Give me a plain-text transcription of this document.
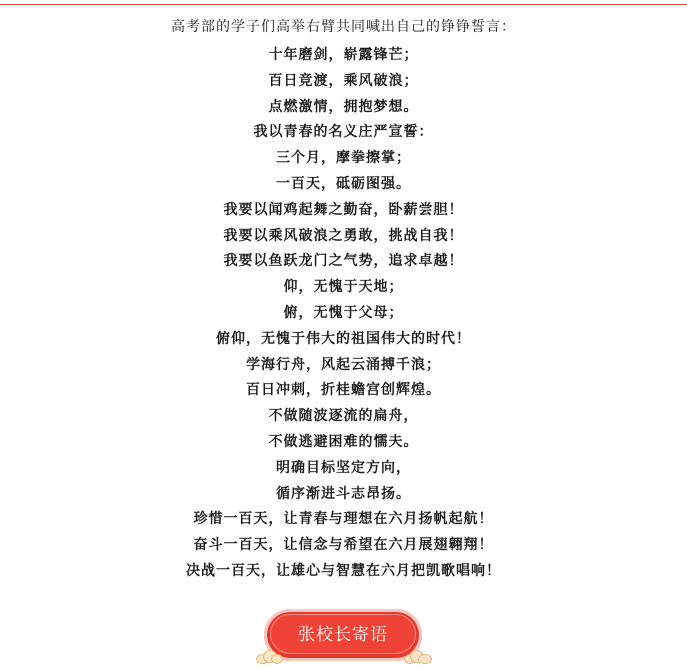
高考部的学子们高举右臂共同喊出自己的铮铮誓言：
十年磨剑，崭露锋芒；
百日竞渡，乘风破浪；
点燃激情，拥抱梦想。
我以青春的名义庄严宣誓：
三个月，摩拳擦掌；
一百天，砥砺图强。
我要以闻鸡起舞之勤奋，卧薪尝胆！
我要以乘风破浪之勇敢，挑战自我！
我要以鱼跃龙门之气势，追求卓越！
仰，无愧于天地；
俯，无愧于父母；
俯仰，无愧于伟大的祖国伟大的时代！
学海行舟，风起云涌搏千浪；
百日冲刺，折桂蟾宫创辉煌。
不做随波逐流的扁舟，
不做逃避困难的懦夫。
明确目标坚定方向，
循序渐进斗志昂扬。
珍惜一百天，让青春与理想在六月扬帆起航！
奋斗一百天，让信念与希望在六月展翅翱翔！
决战一百天，让雄心与智慧在六月把凯歌唱响！
张校长寄语
